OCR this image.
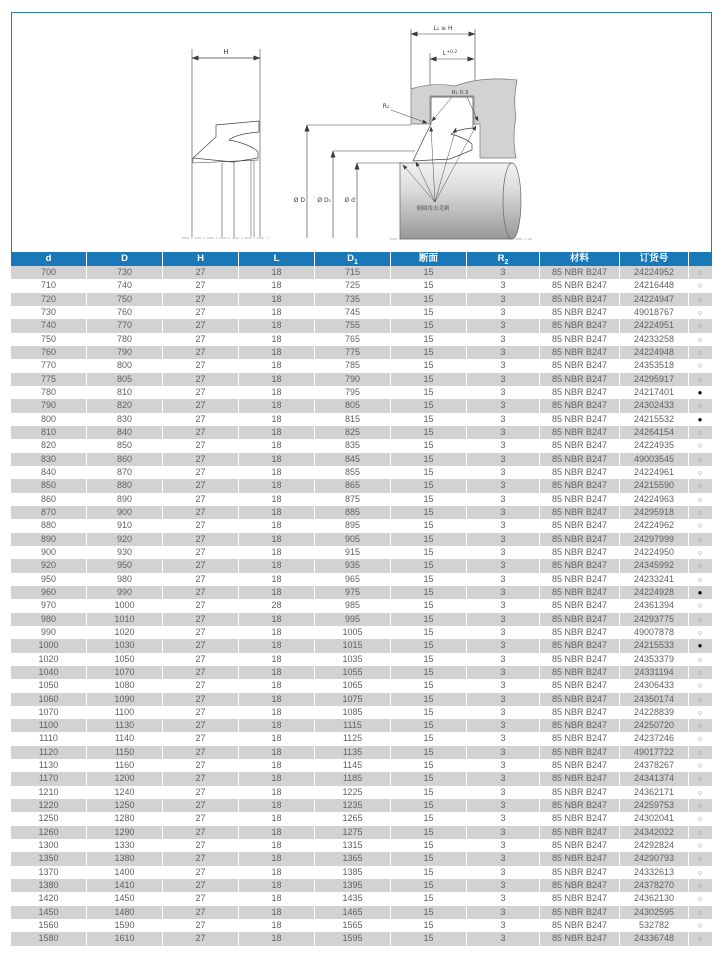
H
L₁ ≥ H
$L^{+0.2}$
R₁ 0.3
R₂
Ø D Ø D₁ Ø d
倒圆角去毛刺
d	D	H	L	$D_1$	断面	$R_2$	材料	订货号
700	730	27	18	715	15	3	85 NBR B247	24224952	○
710	740	27	18	725	15	3	85 NBR B247	24216448	○
720	750	27	18	735	15	3	85 NBR B247	24224947	○
730	760	27	18	745	15	3	85 NBR B247	49018767	○
740	770	27	18	755	15	3	85 NBR B247	24224951	○
750	780	27	18	765	15	3	85 NBR B247	24233258	○
760	790	27	18	775	15	3	85 NBR B247	24224948	○
770	800	27	18	785	15	3	85 NBR B247	24353518	○
775	805	27	18	790	15	3	85 NBR B247	24295917	○
780	810	27	18	795	15	3	85 NBR B247	24217401	●
790	820	27	18	805	15	3	85 NBR B247	24302433	○
800	830	27	18	815	15	3	85 NBR B247	24215532	●
810	840	27	18	825	15	3	85 NBR B247	24264154	○
820	850	27	18	835	15	3	85 NBR B247	24224935	○
830	860	27	18	845	15	3	85 NBR B247	49003545	○
840	870	27	18	855	15	3	85 NBR B247	24224961	○
850	880	27	18	865	15	3	85 NBR B247	24215590	○
860	890	27	18	875	15	3	85 NBR B247	24224963	○
870	900	27	18	885	15	3	85 NBR B247	24295918	○
880	910	27	18	895	15	3	85 NBR B247	24224962	○
890	920	27	18	905	15	3	85 NBR B247	24297999	○
900	930	27	18	915	15	3	85 NBR B247	24224950	○
920	950	27	18	935	15	3	85 NBR B247	24345992	○
950	980	27	18	965	15	3	85 NBR B247	24233241	○
960	990	27	18	975	15	3	85 NBR B247	24224928	●
970	1000	27	28	985	15	3	85 NBR B247	24361394	○
980	1010	27	18	995	15	3	85 NBR B247	24293775	○
990	1020	27	18	1005	15	3	85 NBR B247	49007878	○
1000	1030	27	18	1015	15	3	85 NBR B247	24215533	●
1020	1050	27	18	1035	15	3	85 NBR B247	24353379	○
1040	1070	27	18	1055	15	3	85 NBR B247	24331194	○
1050	1080	27	18	1065	15	3	85 NBR B247	24306433	○
1060	1090	27	18	1075	15	3	85 NBR B247	24350174	○
1070	1100	27	18	1085	15	3	85 NBR B247	24228839	○
1100	1130	27	18	1115	15	3	85 NBR B247	24250720	○
1110	1140	27	18	1125	15	3	85 NBR B247	24237246	○
1120	1150	27	18	1135	15	3	85 NBR B247	49017722	○
1130	1160	27	18	1145	15	3	85 NBR B247	24378267	○
1170	1200	27	18	1185	15	3	85 NBR B247	24341374	○
1210	1240	27	18	1225	15	3	85 NBR B247	24362171	○
1220	1250	27	18	1235	15	3	85 NBR B247	24259753	○
1250	1280	27	18	1265	15	3	85 NBR B247	24302041	○
1260	1290	27	18	1275	15	3	85 NBR B247	24342022	○
1300	1330	27	18	1315	15	3	85 NBR B247	24292824	○
1350	1380	27	18	1365	15	3	85 NBR B247	24290793	○
1370	1400	27	18	1385	15	3	85 NBR B247	24332613	○
1380	1410	27	18	1395	15	3	85 NBR B247	24378270	○
1420	1450	27	18	1435	15	3	85 NBR B247	24362130	○
1450	1480	27	18	1465	15	3	85 NBR B247	24302595	○
1560	1590	27	18	1565	15	3	85 NBR B247	532782	○
1580	1610	27	18	1595	15	3	85 NBR B247	24336748	○
